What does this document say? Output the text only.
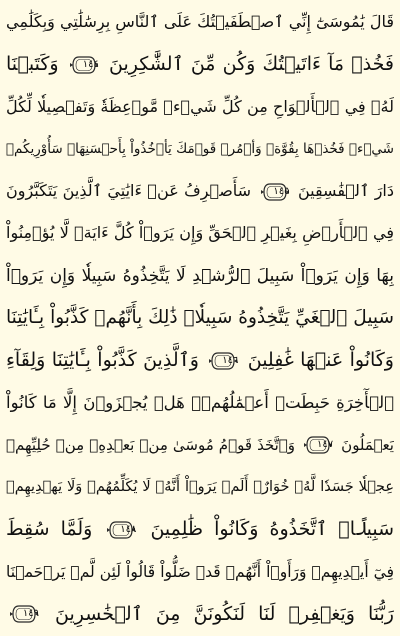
قَالَ يَٰمُوسَىٰٓ إِنِّي ٱصۡطَفَيۡتُكَ عَلَى ٱلنَّاسِ بِرِسَٰلَٰتِي وَبِكَلَٰمِي
فَخُذۡ مَآ ءَاتَيۡتُكَ وَكُن مِّنَ ٱلشَّٰكِرِينَ
١٤٤
وَكَتَبۡنَا
لَهُۥ فِي ٱلۡأَلۡوَاحِ مِن كُلِّ شَيۡءٖ مَّوۡعِظَةٗ وَتَفۡصِيلٗا لِّكُلِّ
شَيۡءٖ فَخُذۡهَا بِقُوَّةٖ وَأۡمُرۡ قَوۡمَكَ يَأۡخُذُواْ بِأَحۡسَنِهَاۚ سَأُوْرِيكُمۡ
دَارَ ٱلۡفَٰسِقِينَ
١٤٥
سَأَصۡرِفُ عَنۡ ءَايَٰتِيَ ٱلَّذِينَ يَتَكَبَّرُونَ
فِي ٱلۡأَرۡضِ بِغَيۡرِ ٱلۡحَقِّ وَإِن يَرَوۡاْ كُلَّ ءَايَةٖ لَّا يُؤۡمِنُواْ
بِهَا وَإِن يَرَوۡاْ سَبِيلَ ٱلرُّشۡدِ لَا يَتَّخِذُوهُ سَبِيلٗا وَإِن يَرَوۡاْ
سَبِيلَ ٱلۡغَيِّ يَتَّخِذُوهُ سَبِيلٗاۚ ذَٰلِكَ بِأَنَّهُمۡ كَذَّبُواْ بِـَٔايَٰتِنَا
وَكَانُواْ عَنۡهَا غَٰفِلِينَ
١٤٦
وَٱلَّذِينَ كَذَّبُواْ بِـَٔايَٰتِنَا وَلِقَآءِ
ٱلۡأٓخِرَةِ حَبِطَتۡ أَعۡمَٰلُهُمۡۚ هَلۡ يُجۡزَوۡنَ إِلَّا مَا كَانُواْ
يَعۡمَلُونَ
١٤٧
وَٱتَّخَذَ قَوۡمُ مُوسَىٰ مِنۢ بَعۡدِهِۦ مِنۡ حُلِيِّهِمۡ
عِجۡلٗا جَسَدٗا لَّهُۥ خُوَارٌۚ أَلَمۡ يَرَوۡاْ أَنَّهُۥ لَا يُكَلِّمُهُمۡ وَلَا يَهۡدِيهِمۡ
سَبِيلًاۘ ٱتَّخَذُوهُ وَكَانُواْ ظَٰلِمِينَ
١٤٨
وَلَمَّا سُقِطَ
فِيٓ أَيۡدِيهِمۡ وَرَأَوۡاْ أَنَّهُمۡ قَدۡ ضَلُّواْ قَالُواْ لَئِن لَّمۡ يَرۡحَمۡنَا
رَبُّنَا وَيَغۡفِرۡ لَنَا لَنَكُونَنَّ مِنَ ٱلۡخَٰسِرِينَ
١٤٩
